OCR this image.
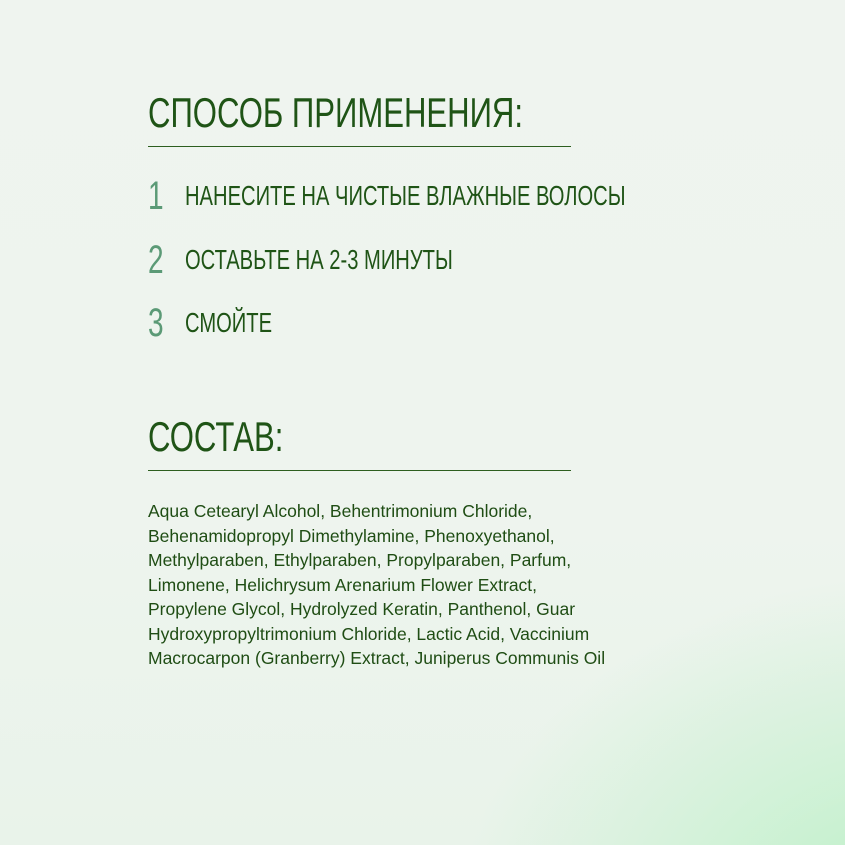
СПОСОБ ПРИМЕНЕНИЯ:
1 НАНЕСИТЕ НА ЧИСТЫЕ ВЛАЖНЫЕ ВОЛОСЫ
2 ОСТАВЬТЕ НА 2-3 МИНУТЫ
3 СМОЙТЕ
СОСТАВ:
Aqua Cetearyl Alcohol, Behentrimonium Chloride,
Behenamidopropyl Dimethylamine, Phenoxyethanol,
Methylparaben, Ethylparaben, Propylparaben, Parfum,
Limonene, Helichrysum Arenarium Flower Extract,
Propylene Glycol, Hydrolyzed Keratin, Panthenol, Guar
Hydroxypropyltrimonium Chloride, Lactic Acid, Vaccinium
Macrocarpon (Granberry) Extract, Juniperus Communis Oil
